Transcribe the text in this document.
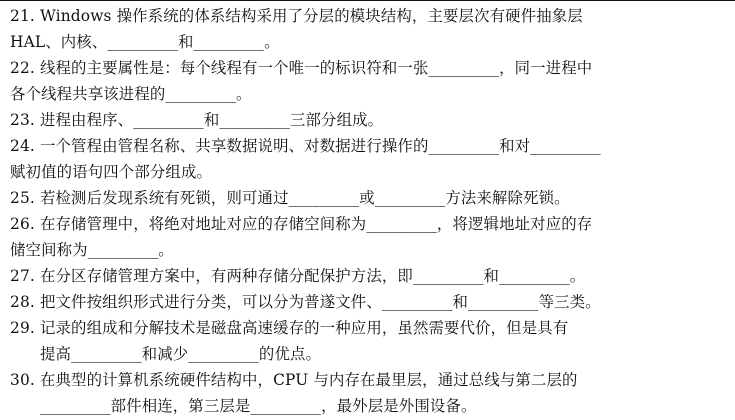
21. Windows 操作系统的体系结构采用了分层的模块结构，主要层次有硬件抽象层
HAL、内核、_________和_________。
22. 线程的主要属性是：每个线程有一个唯一的标识符和一张_________，同一进程中
各个线程共享该进程的_________。
23. 进程由程序、_________和_________三部分组成。
24. 一个管程由管程名称、共享数据说明、对数据进行操作的_________和对_________
赋初值的语句四个部分组成。
25. 若检测后发现系统有死锁，则可通过_________或_________方法来解除死锁。
26. 在存储管理中，将绝对地址对应的存储空间称为_________，将逻辑地址对应的存
储空间称为_________。
27. 在分区存储管理方案中，有两种存储分配保护方法，即_________和_________。
28. 把文件按组织形式进行分类，可以分为普遂文件、_________和_________等三类。
29. 记录的组成和分解技术是磁盘高速缓存的一种应用，虽然需要代价，但是具有
提高_________和减少_________的优点。
30. 在典型的计算机系统硬件结构中，CPU 与内存在最里层，通过总线与第二层的
_________部件相连，第三层是_________，最外层是外围设备。
